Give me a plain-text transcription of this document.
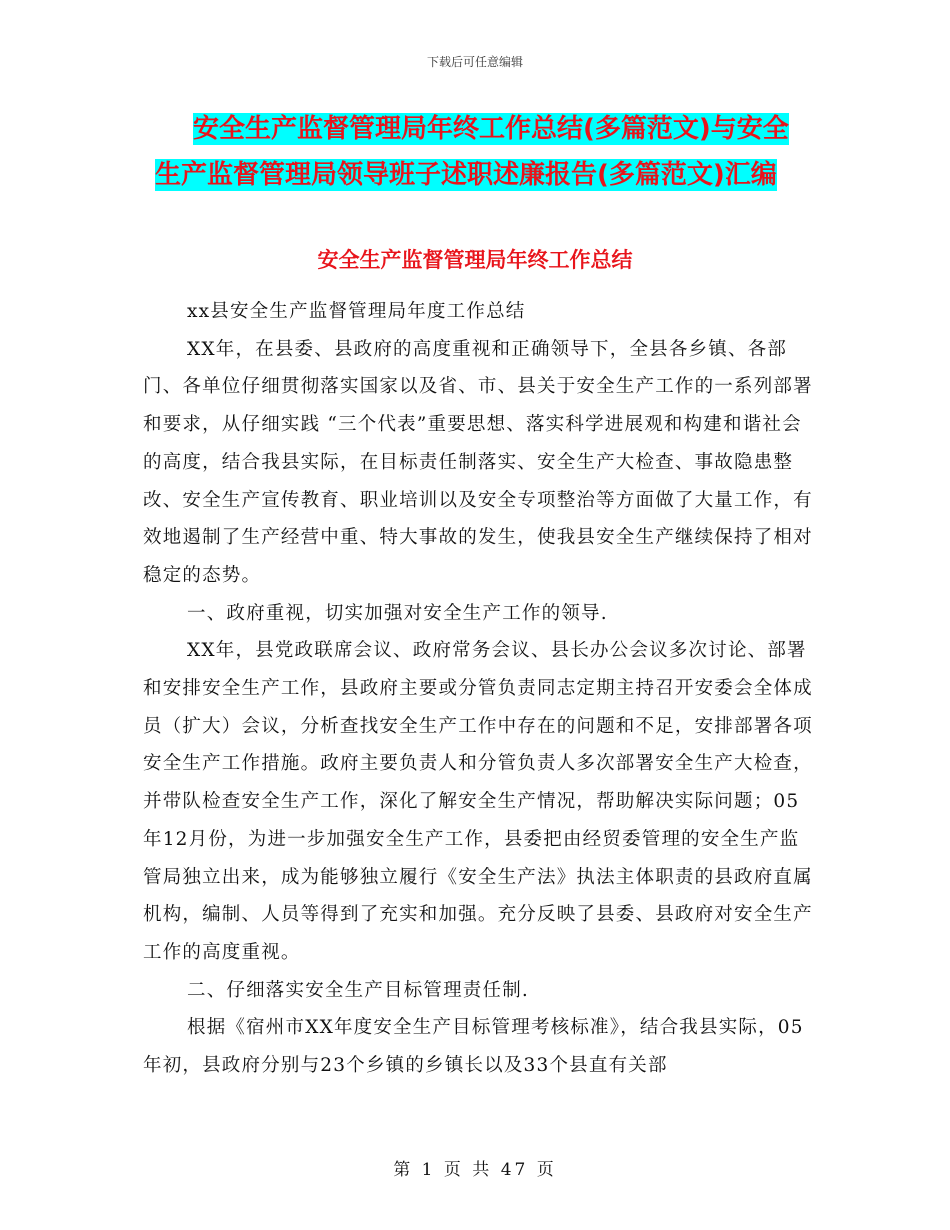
下载后可任意编辑
安全生产监督管理局年终工作总结(多篇范文)与安全
生产监督管理局领导班子述职述廉报告(多篇范文)汇编
安全生产监督管理局年终工作总结

xx县安全生产监督管理局年度工作总结

XX年，在县委、县政府的高度重视和正确领导下，全县各乡镇、各部门、各单位仔细贯彻落实国家以及省、市、县关于安全生产工作的一系列部署和要求，从仔细实践 “三个代表”重要思想、落实科学进展观和构建和谐社会的高度，结合我县实际，在目标责任制落实、安全生产大检查、事故隐患整改、安全生产宣传教育、职业培训以及安全专项整治等方面做了大量工作，有效地遏制了生产经营中重、特大事故的发生，使我县安全生产继续保持了相对稳定的态势。

一、政府重视，切实加强对安全生产工作的领导.

XX年，县党政联席会议、政府常务会议、县长办公会议多次讨论、部署和安排安全生产工作，县政府主要或分管负责同志定期主持召开安委会全体成员（扩大）会议，分析查找安全生产工作中存在的问题和不足，安排部署各项安全生产工作措施。政府主要负责人和分管负责人多次部署安全生产大检查，并带队检查安全生产工作，深化了解安全生产情况，帮助解决实际问题；05年12月份，为进一步加强安全生产工作，县委把由经贸委管理的安全生产监管局独立出来，成为能够独立履行《安全生产法》执法主体职责的县政府直属机构，编制、人员等得到了充实和加强。充分反映了县委、县政府对安全生产工作的高度重视。

二、仔细落实安全生产目标管理责任制.

根据《宿州市XX年度安全生产目标管理考核标准》，结合我县实际，05年初，县政府分别与23个乡镇的乡镇长以及33个县直有关部

第 1 页 共 47 页
